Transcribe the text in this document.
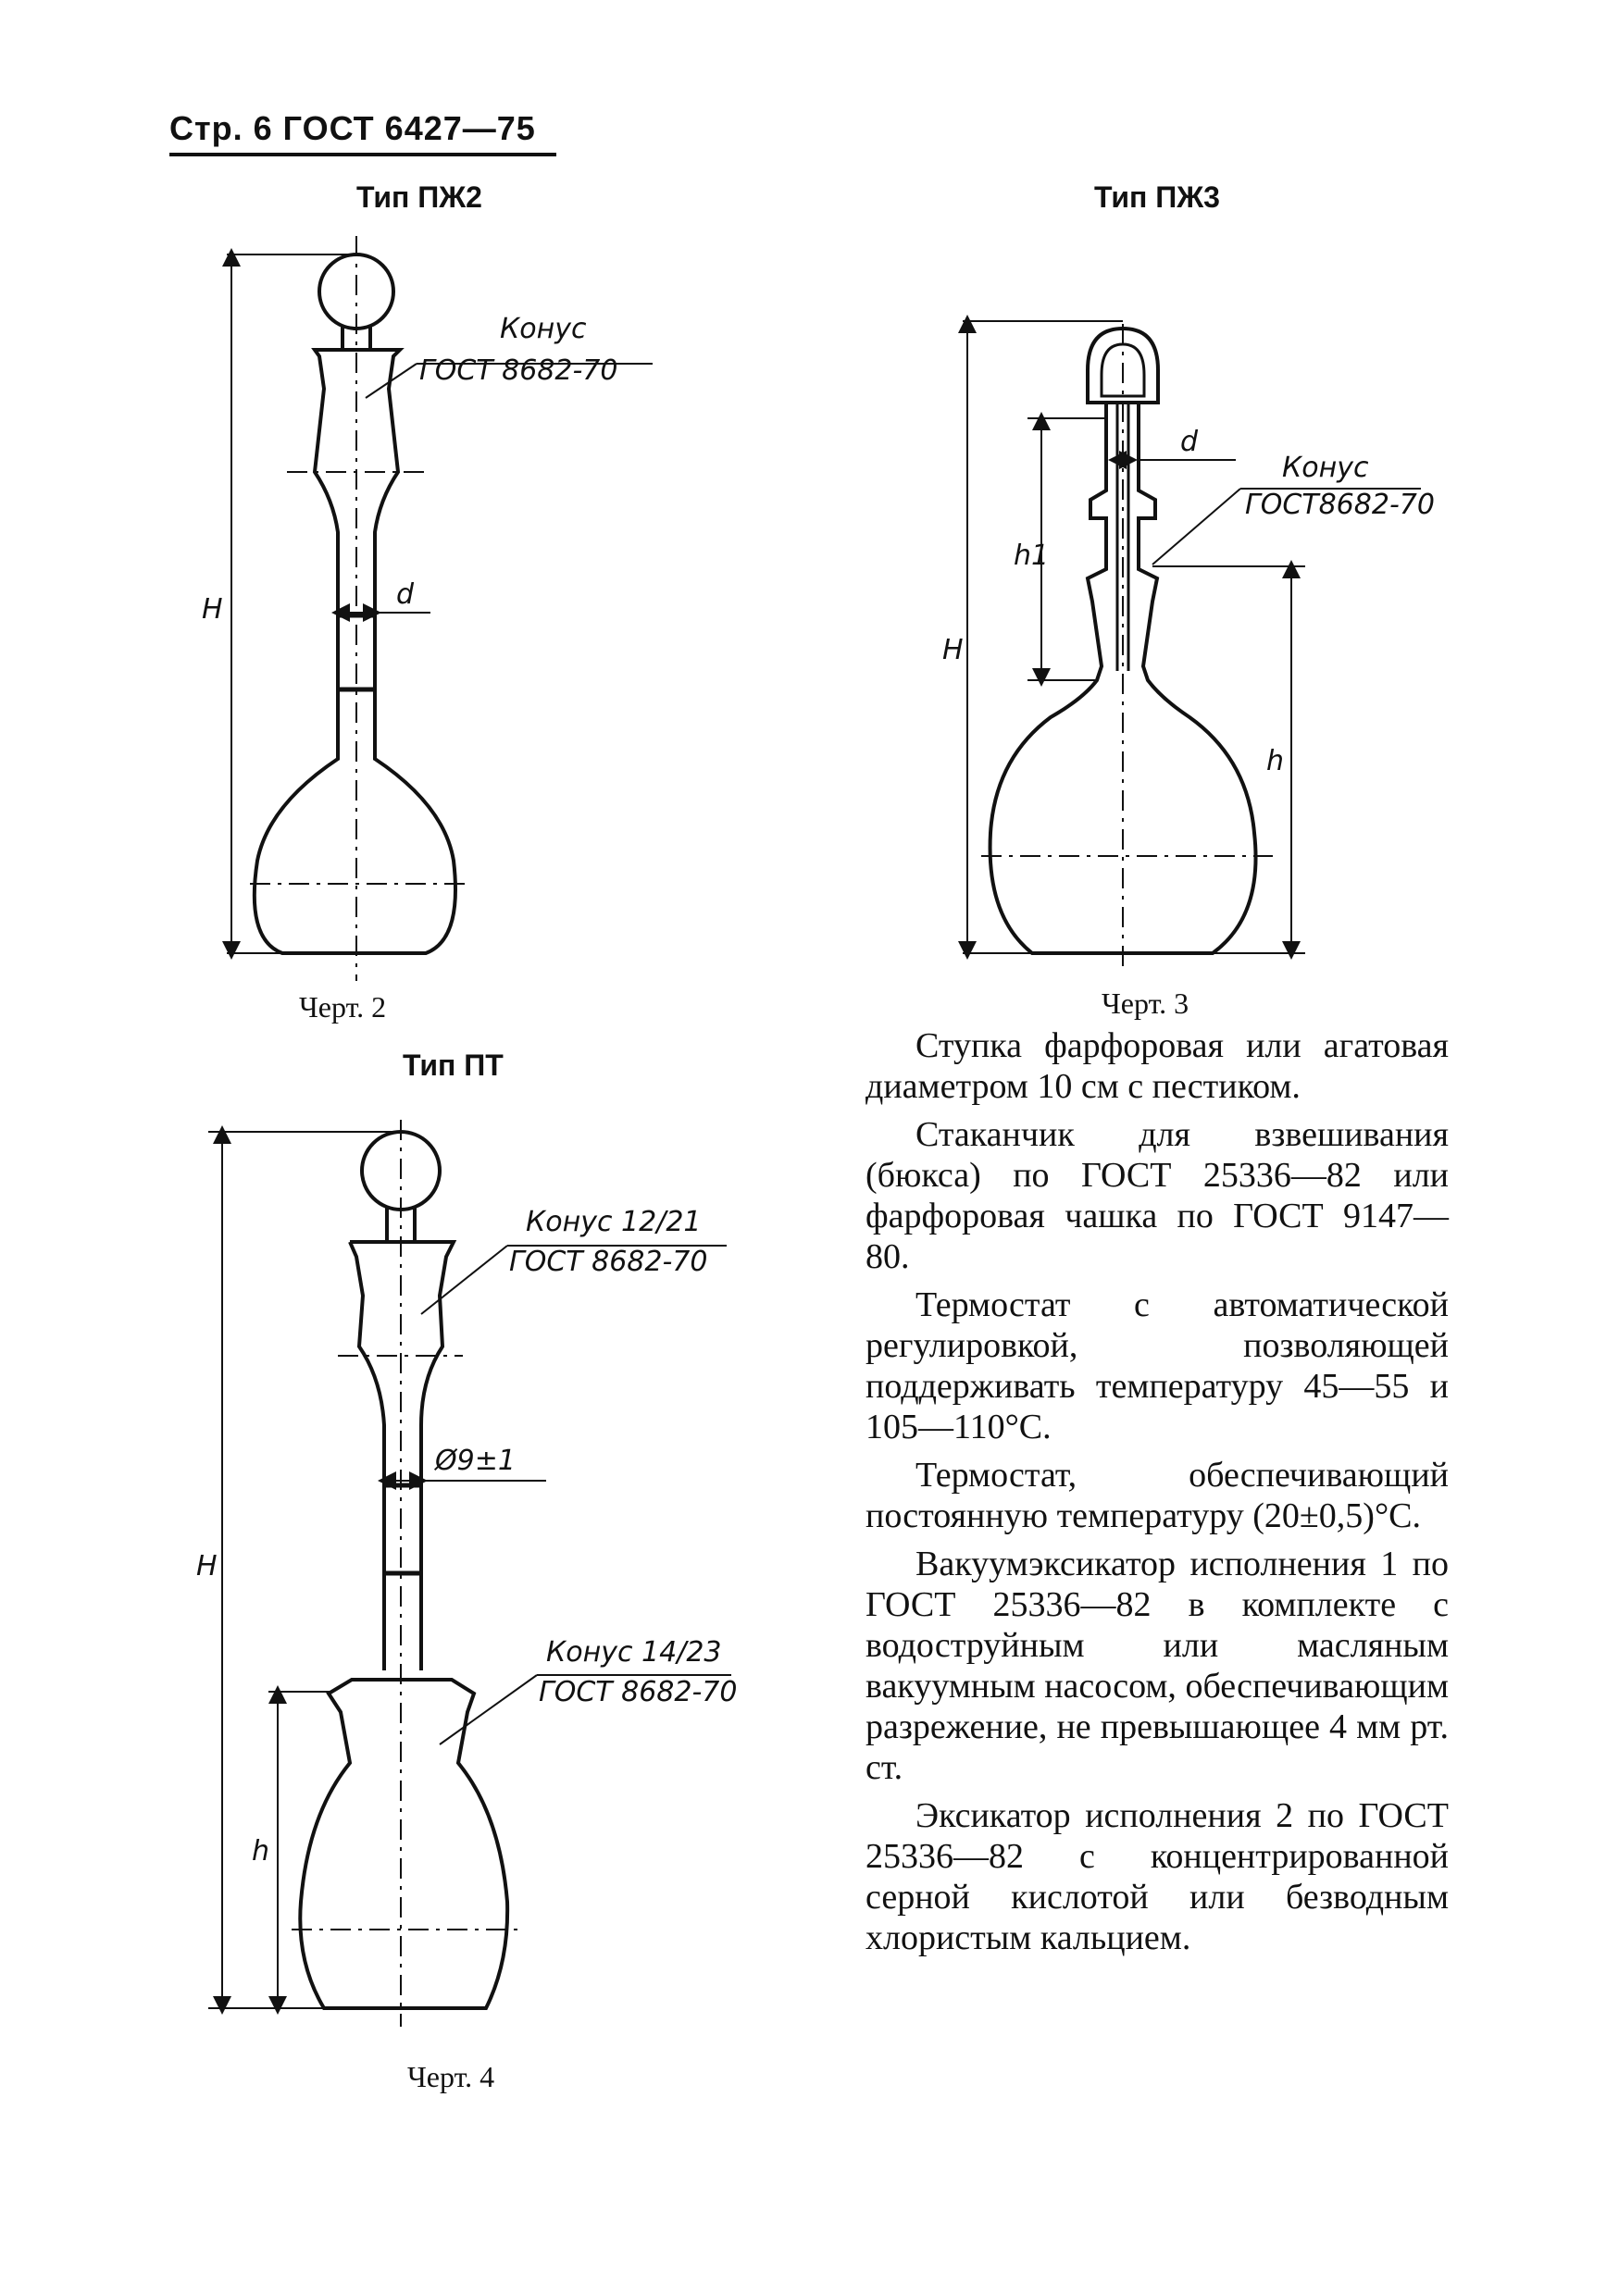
Стр. 6 ГОСТ 6427—75
Тип ПЖ2	Тип ПЖ3
Тип ПТ
Черт. 2	Черт. 3
Черт. 4
H	d
Конус
ГОСТ 8682-70
H
h1
h
d
Конус
ГОСТ8682-70
H
h
Ø9±1
Конус 12/21
ГОСТ 8682-70
Конус 14/23
ГОСТ 8682-70

Ступка фарфоровая или агатовая диаметром 10 см с пестиком.

Стаканчик для взвешивания (бюкса) по ГОСТ 25336—82 или фарфоровая чашка по ГОСТ 9147—80.

Термостат с автоматической регулировкой, позволяющей поддерживать температуру 45—55 и 105—110°C.

Термостат, обеспечивающий постоянную температуру (20±0,5)°C.

Вакуумэксикатор исполнения 1 по ГОСТ 25336—82 в комплекте с водоструйным или масляным вакуумным насосом, обеспечивающим разрежение, не превышающее 4 мм рт. ст.

Эксикатор исполнения 2 по ГОСТ 25336—82 с концентрированной серной кислотой или безводным хлористым кальцием.
